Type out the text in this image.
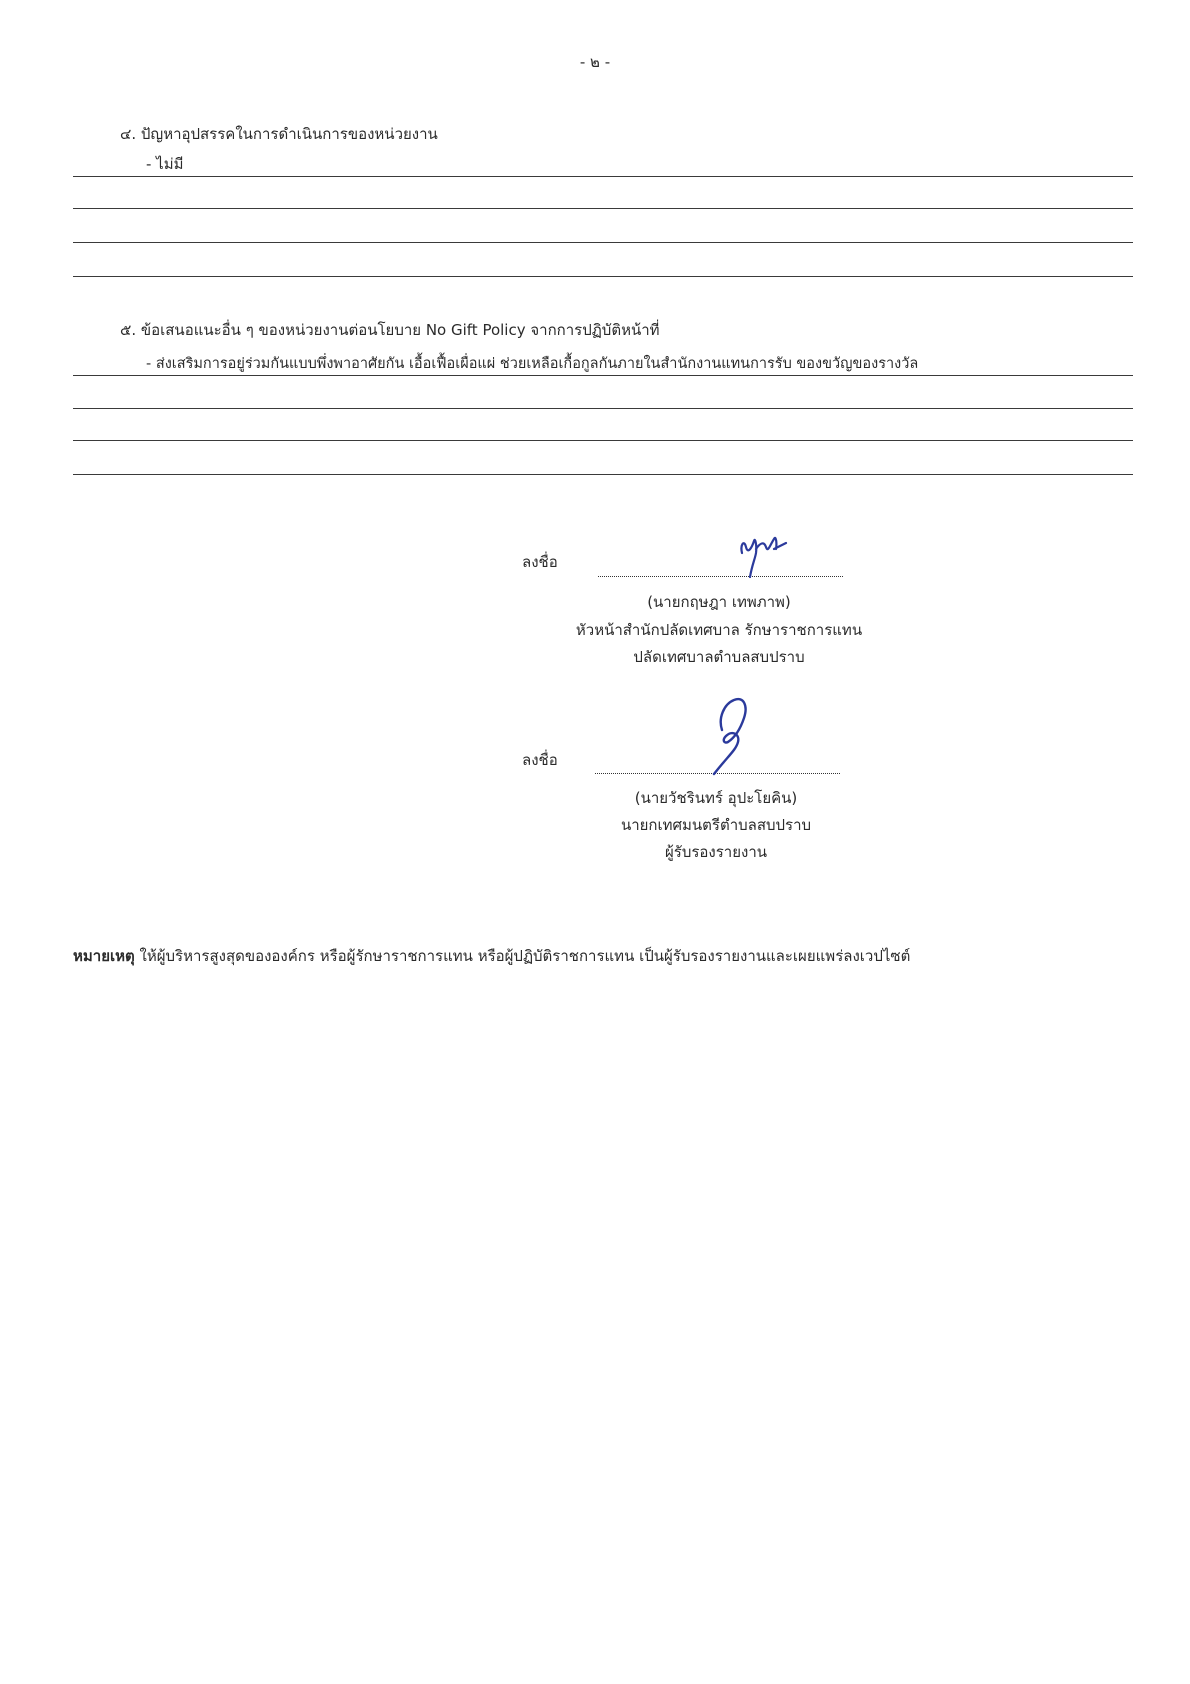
- ๒ -
๔. ปัญหาอุปสรรคในการดำเนินการของหน่วยงาน
- ไม่มี
๕. ข้อเสนอแนะอื่น ๆ ของหน่วยงานต่อนโยบาย No Gift Policy จากการปฏิบัติหน้าที่
- ส่งเสริมการอยู่ร่วมกันแบบพึ่งพาอาศัยกัน เอื้อเฟื้อเผื่อแผ่ ช่วยเหลือเกื้อกูลกันภายในสำนักงานแทนการรับ ของขวัญของรางวัล
ลงชื่อ
(นายกฤษฎา เทพภาพ)
หัวหน้าสำนักปลัดเทศบาล รักษาราชการแทน
ปลัดเทศบาลตำบลสบปราบ
ลงชื่อ
(นายวัชรินทร์ อุปะโยคิน)
นายกเทศมนตรีตำบลสบปราบ
ผู้รับรองรายงาน
หมายเหตุ ให้ผู้บริหารสูงสุดขององค์กร หรือผู้รักษาราชการแทน หรือผู้ปฏิบัติราชการแทน เป็นผู้รับรองรายงานและเผยแพร่ลงเวปไซต์
